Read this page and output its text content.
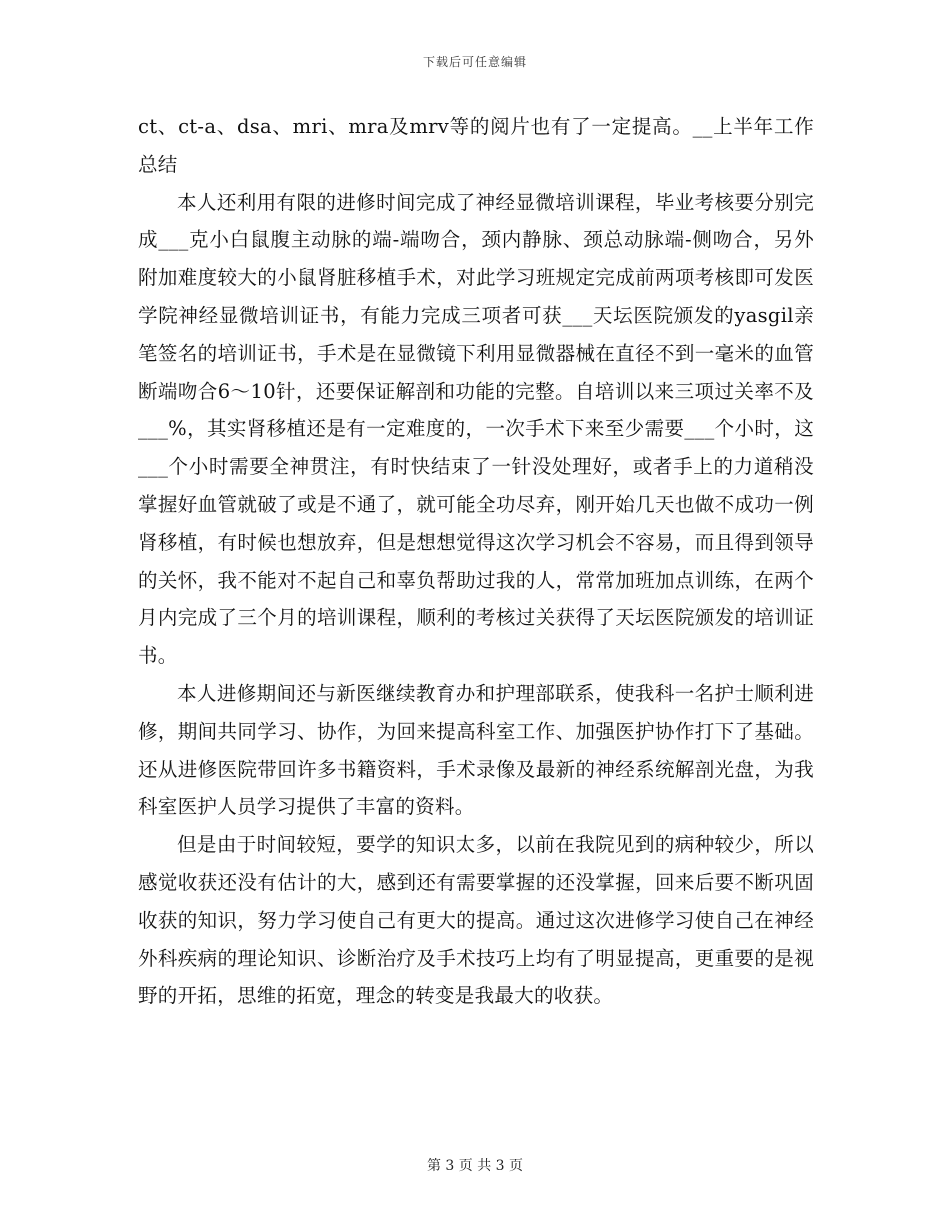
下载后可任意编辑

ct、ct-a、dsa、mri、mra及mrv等的阅片也有了一定提高。__上半年工作总结

本人还利用有限的进修时间完成了神经显微培训课程，毕业考核要分别完成___克小白鼠腹主动脉的端-端吻合，颈内静脉、颈总动脉端-侧吻合，另外附加难度较大的小鼠肾脏移植手术，对此学习班规定完成前两项考核即可发医学院神经显微培训证书，有能力完成三项者可获___天坛医院颁发的yasgil亲笔签名的培训证书，手术是在显微镜下利用显微器械在直径不到一毫米的血管断端吻合6～10针，还要保证解剖和功能的完整。自培训以来三项过关率不及___%，其实肾移植还是有一定难度的，一次手术下来至少需要___个小时，这___个小时需要全神贯注，有时快结束了一针没处理好，或者手上的力道稍没掌握好血管就破了或是不通了，就可能全功尽弃，刚开始几天也做不成功一例肾移植，有时候也想放弃，但是想想觉得这次学习机会不容易，而且得到领导的关怀，我不能对不起自己和辜负帮助过我的人，常常加班加点训练，在两个月内完成了三个月的培训课程，顺利的考核过关获得了天坛医院颁发的培训证书。

本人进修期间还与新医继续教育办和护理部联系，使我科一名护士顺利进修，期间共同学习、协作，为回来提高科室工作、加强医护协作打下了基础。还从进修医院带回许多书籍资料，手术录像及最新的神经系统解剖光盘，为我科室医护人员学习提供了丰富的资料。

但是由于时间较短，要学的知识太多，以前在我院见到的病种较少，所以感觉收获还没有估计的大，感到还有需要掌握的还没掌握，回来后要不断巩固收获的知识，努力学习使自己有更大的提高。通过这次进修学习使自己在神经外科疾病的理论知识、诊断治疗及手术技巧上均有了明显提高，更重要的是视野的开拓，思维的拓宽，理念的转变是我最大的收获。

第 3 页 共 3 页
